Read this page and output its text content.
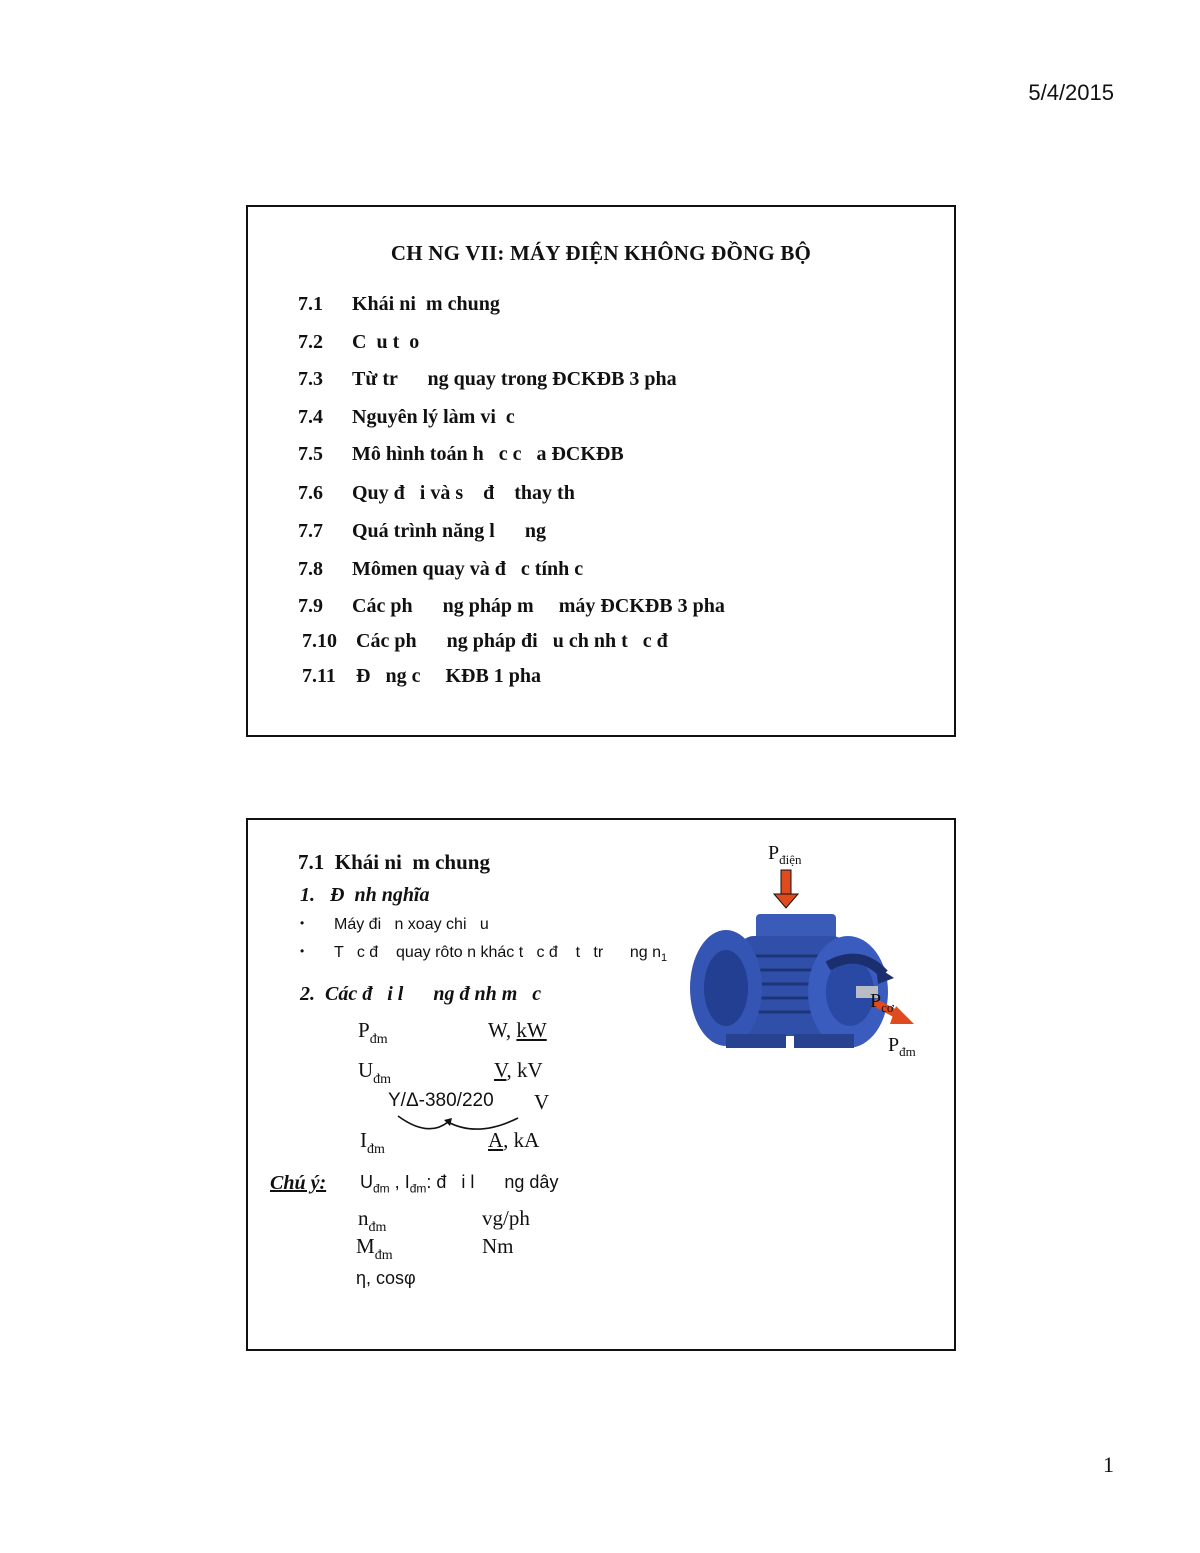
5/4/2015
CH NG VII: MÁY ĐIỆN KHÔNG ĐỒNG BỘ
7.1 Khái ni  m chung
7.2 C  u t  o
7.3 Từ tr      ng quay trong ĐCKĐB 3 pha
7.4 Nguyên lý làm vi  c
7.5 Mô hình toán h   c c   a ĐCKĐB
7.6 Quy đ   i và s    đ    thay th
7.7 Quá trình năng l      ng
7.8 Mômen quay và đ   c tính c
7.9 Các ph      ng pháp m     máy ĐCKĐB 3 pha
7.10 Các ph      ng pháp đi   u ch nh t   c đ
7.11 Đ   ng c     KĐB 1 pha
7.1  Khái ni  m chung
1.   Đ  nh nghĩa
• Máy đi   n xoay chi   u
• T   c đ    quay rôto n khác t   c đ    t   tr      ng $n_1$
2.  Các đ   i l      ng đ nh m   c
$P_{đm}$	W, kW
$U_{đm}$	V, kV
Y/Δ-380/220 V
$I_{đm}$	A, kA
Chú ý: $U_{đm}$ , $I_{đm}$: đ   i l      ng dây
$n_{đm}$	vg/ph
$M_{đm}$	Nm
η, cosφ
$P_{điện}$
$P_{cơ}$
$P_{đm}$
1
